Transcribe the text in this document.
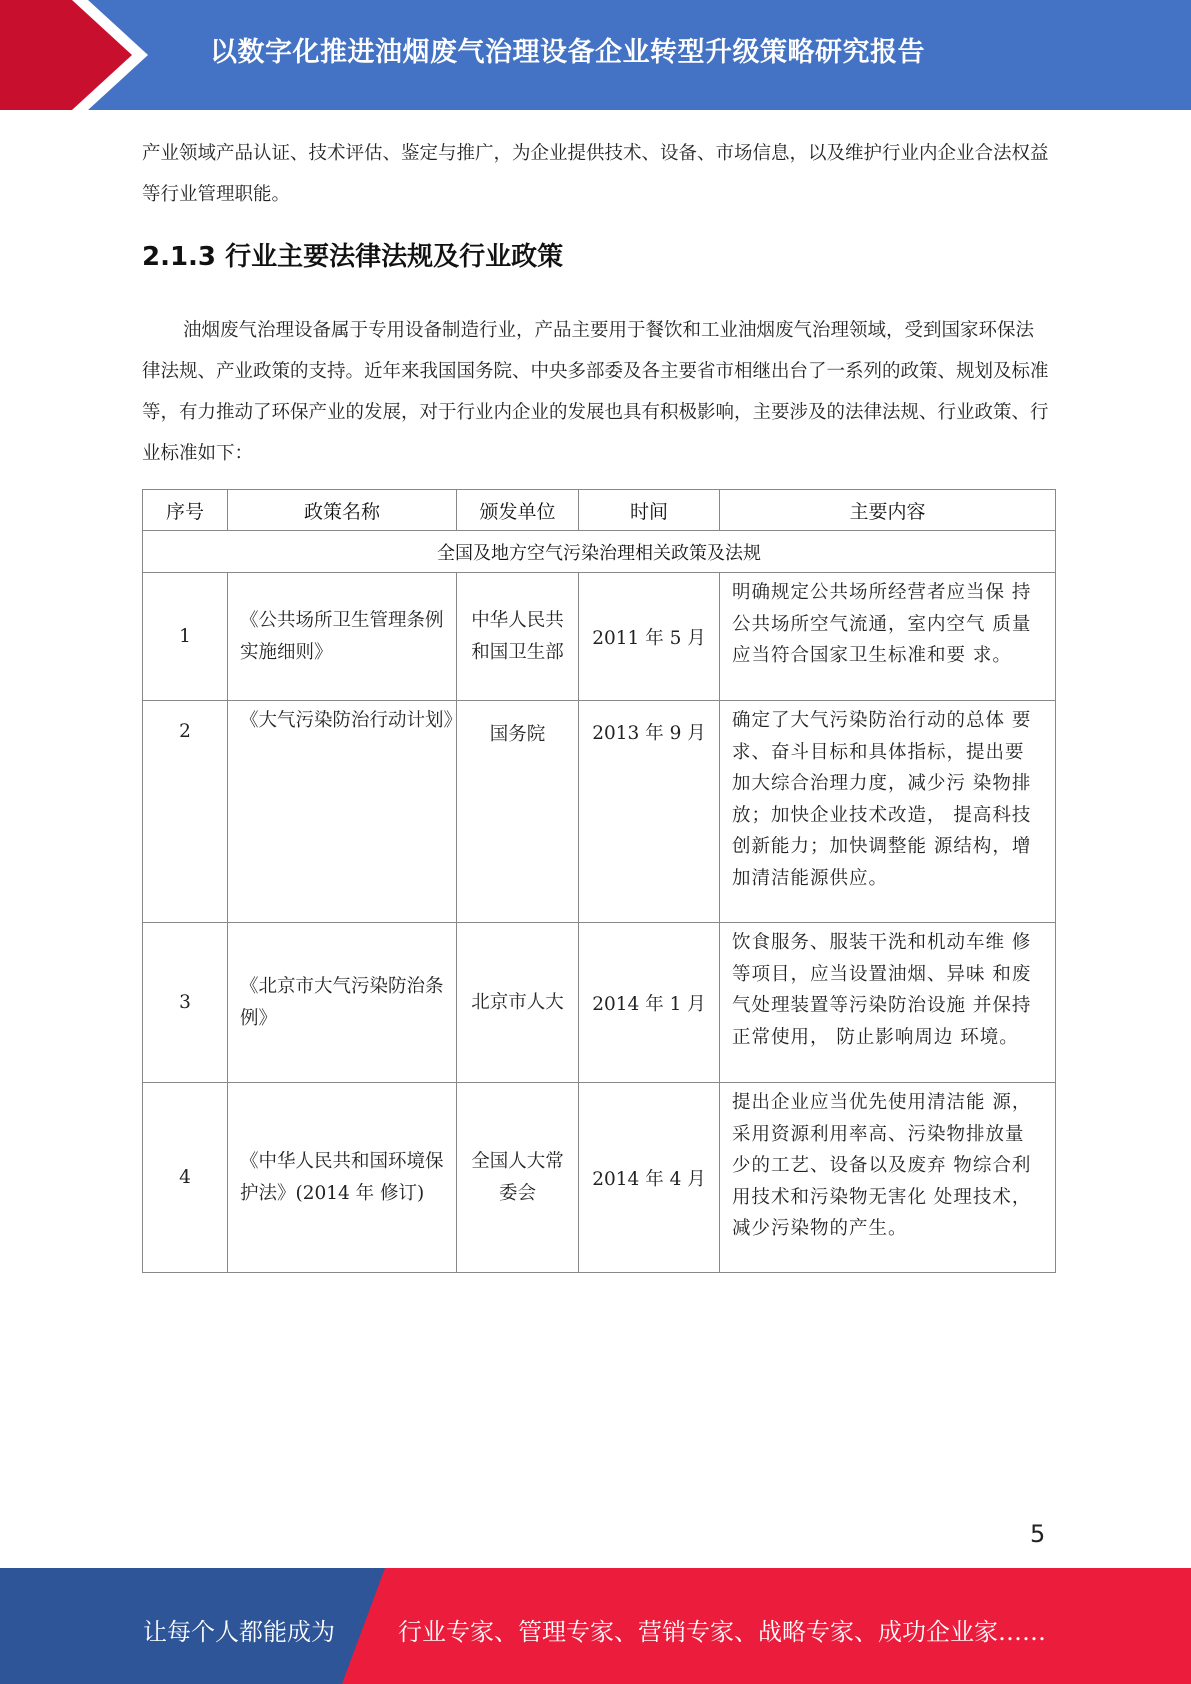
以数字化推进油烟废气治理设备企业转型升级策略研究报告

产业领域产品认证、技术评估、鉴定与推广，为企业提供技术、设备、市场信息，以及维护行业内企业合法权益等行业管理职能。

2.1.3 行业主要法律法规及行业政策

油烟废气治理设备属于专用设备制造行业，产品主要用于餐饮和工业油烟废气治理领域，受到国家环保法律法规、产业政策的支持。近年来我国国务院、中央多部委及各主要省市相继出台了一系列的政策、规划及标准等，有力推动了环保产业的发展，对于行业内企业的发展也具有积极影响，主要涉及的法律法规、行业政策、行业标准如下：

序号	政策名称	颁发单位	时间	主要内容
全国及地方空气污染治理相关政策及法规				
1	《公共场所卫生管理条例实施细则》	中华人民共和国卫生部	2011 年 5 月	明确规定公共场所经营者应当保 持公共场所空气流通，室内空气 质量应当符合国家卫生标准和要 求。
2	《大气污染防治行动计划》	国务院	2013 年 9 月	确定了大气污染防治行动的总体 要求、奋斗目标和具体指标，提出要加大综合治理力度，减少污 染物排放；加快企业技术改造， 提高科技创新能力；加快调整能 源结构，增加清洁能源供应。
3	《北京市大气污染防治条例》	北京市人大	2014 年 1 月	饮食服务、服装干洗和机动车维 修等项目，应当设置油烟、异味 和废气处理装置等污染防治设施 并保持正常使用， 防止影响周边 环境。
4	《中华人民共和国环境保护法》(2014 年 修订)	全国人大常委会	2014 年 4 月	提出企业应当优先使用清洁能 源，采用资源利用率高、污染物排放量少的工艺、设备以及废弃 物综合利用技术和污染物无害化 处理技术， 减少污染物的产生。
5
让每个人都能成为	行业专家、管理专家、营销专家、战略专家、成功企业家……
